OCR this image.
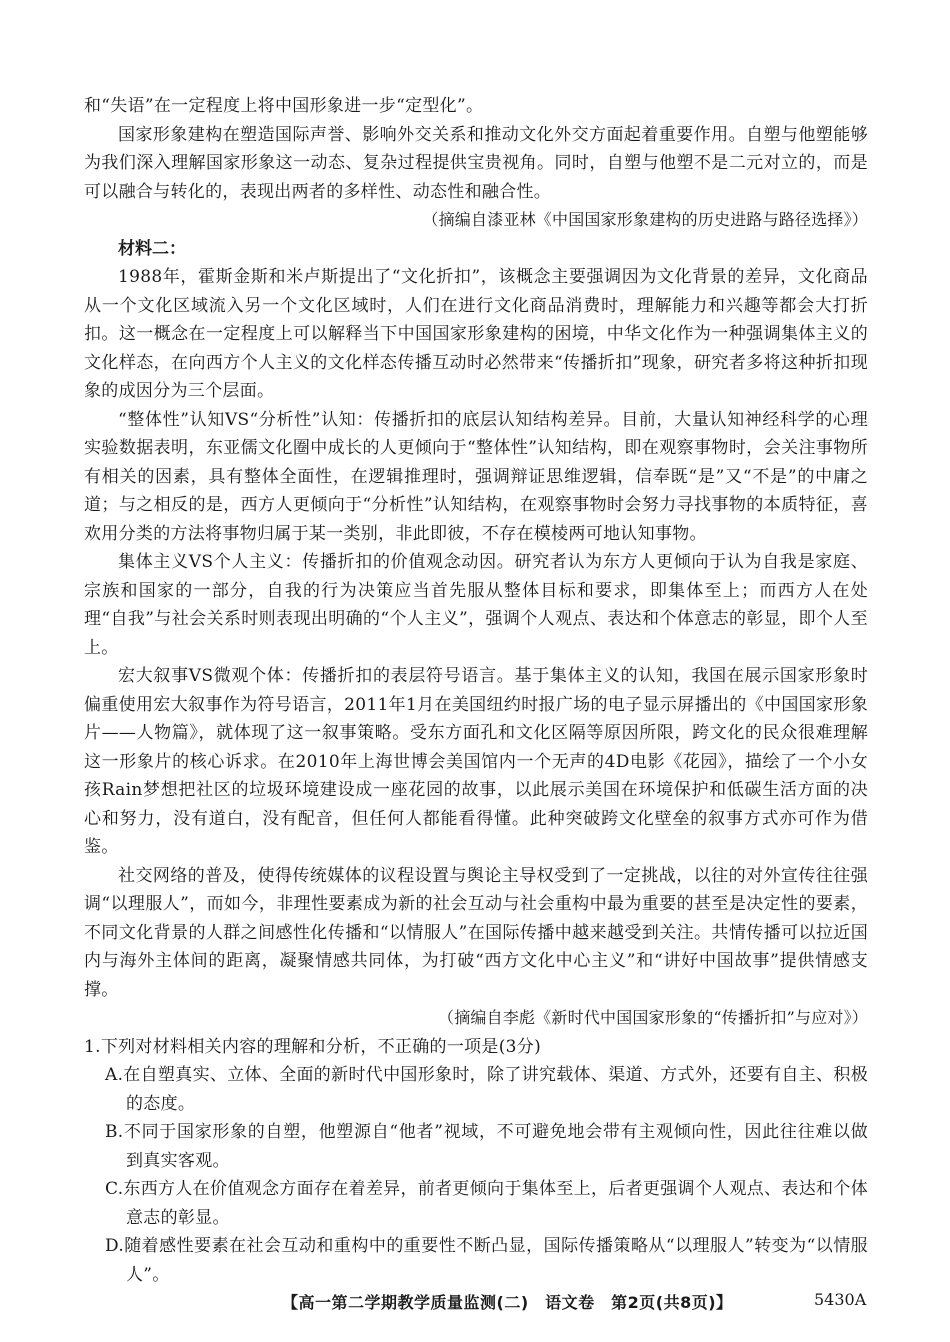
和“失语”在一定程度上将中国形象进一步“定型化”。

国家形象建构在塑造国际声誉、影响外交关系和推动文化外交方面起着重要作用。自塑与他塑能够为我们深入理解国家形象这一动态、复杂过程提供宝贵视角。同时，自塑与他塑不是二元对立的，而是可以融合与转化的，表现出两者的多样性、动态性和融合性。

（摘编自漆亚林《中国国家形象建构的历史进路与路径选择》）

材料二：

1988年，霍斯金斯和米卢斯提出了“文化折扣”，该概念主要强调因为文化背景的差异，文化商品从一个文化区域流入另一个文化区域时，人们在进行文化商品消费时，理解能力和兴趣等都会大打折扣。这一概念在一定程度上可以解释当下中国国家形象建构的困境，中华文化作为一种强调集体主义的文化样态，在向西方个人主义的文化样态传播互动时必然带来“传播折扣”现象，研究者多将这种折扣现象的成因分为三个层面。

“整体性”认知VS“分析性”认知：传播折扣的底层认知结构差异。目前，大量认知神经科学的心理实验数据表明，东亚儒文化圈中成长的人更倾向于“整体性”认知结构，即在观察事物时，会关注事物所有相关的因素，具有整体全面性，在逻辑推理时，强调辩证思维逻辑，信奉既“是”又“不是”的中庸之道；与之相反的是，西方人更倾向于“分析性”认知结构，在观察事物时会努力寻找事物的本质特征，喜欢用分类的方法将事物归属于某一类别，非此即彼，不存在模棱两可地认知事物。

集体主义VS个人主义：传播折扣的价值观念动因。研究者认为东方人更倾向于认为自我是家庭、宗族和国家的一部分，自我的行为决策应当首先服从整体目标和要求，即集体至上；而西方人在处理“自我”与社会关系时则表现出明确的“个人主义”，强调个人观点、表达和个体意志的彰显，即个人至上。

宏大叙事VS微观个体：传播折扣的表层符号语言。基于集体主义的认知，我国在展示国家形象时偏重使用宏大叙事作为符号语言，2011年1月在美国纽约时报广场的电子显示屏播出的《中国国家形象片——人物篇》，就体现了这一叙事策略。受东方面孔和文化区隔等原因所限，跨文化的民众很难理解这一形象片的核心诉求。在2010年上海世博会美国馆内一个无声的4D电影《花园》，描绘了一个小女孩Rain梦想把社区的垃圾环境建设成一座花园的故事，以此展示美国在环境保护和低碳生活方面的决心和努力，没有道白，没有配音，但任何人都能看得懂。此种突破跨文化壁垒的叙事方式亦可作为借鉴。

社交网络的普及，使得传统媒体的议程设置与舆论主导权受到了一定挑战，以往的对外宣传往往强调“以理服人”，而如今，非理性要素成为新的社会互动与社会重构中最为重要的甚至是决定性的要素，不同文化背景的人群之间感性化传播和“以情服人”在国际传播中越来越受到关注。共情传播可以拉近国内与海外主体间的距离，凝聚情感共同体，为打破“西方文化中心主义”和“讲好中国故事”提供情感支撑。

（摘编自李彪《新时代中国国家形象的“传播折扣”与应对》）

1.下列对材料相关内容的理解和分析，不正确的一项是(3分)

A.在自塑真实、立体、全面的新时代中国形象时，除了讲究载体、渠道、方式外，还要有自主、积极的态度。

B.不同于国家形象的自塑，他塑源自“他者”视域，不可避免地会带有主观倾向性，因此往往难以做到真实客观。

C.东西方人在价值观念方面存在着差异，前者更倾向于集体至上，后者更强调个人观点、表达和个体意志的彰显。

D.随着感性要素在社会互动和重构中的重要性不断凸显，国际传播策略从“以理服人”转变为“以情服人”。

【高一第二学期教学质量监测(二)　语文卷　第2页(共8页)】	5430A
